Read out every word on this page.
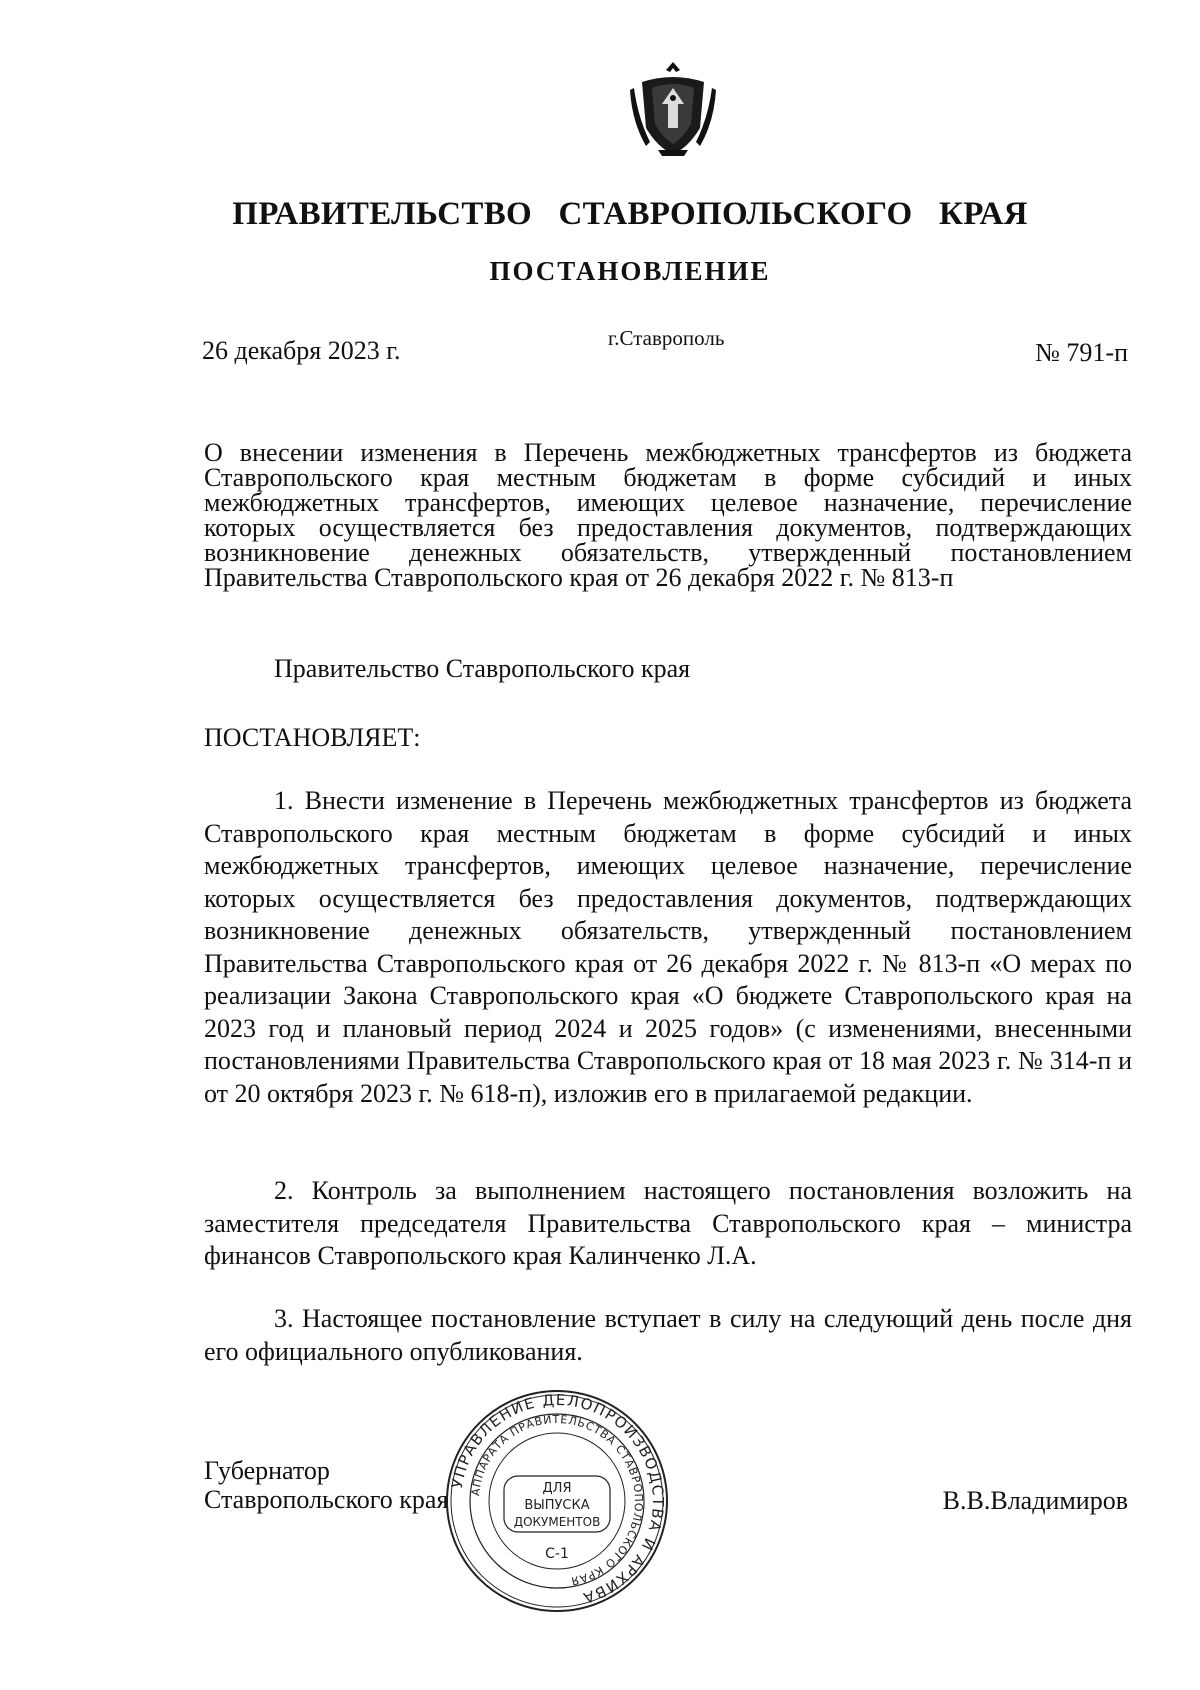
ПРАВИТЕЛЬСТВО СТАВРОПОЛЬСКОГО КРАЯ
ПОСТАНОВЛЕНИЕ
26 декабря 2023 г.	г.Ставрополь	№ 791-п

О внесении изменения в Перечень межбюджетных трансфертов из бюджета Ставропольского края местным бюджетам в форме субсидий и иных межбюджетных трансфертов, имеющих целевое назначение, перечисление которых осуществляется без предоставления документов, подтверждающих возникновение денежных обязательств, утвержденный постановлением Правительства Ставропольского края от 26 декабря 2022 г. № 813-п

Правительство Ставропольского края
ПОСТАНОВЛЯЕТ:

1. Внести изменение в Перечень межбюджетных трансфертов из бюджета Ставропольского края местным бюджетам в форме субсидий и иных межбюджетных трансфертов, имеющих целевое назначение, перечисление которых осуществляется без предоставления документов, подтверждающих возникновение денежных обязательств, утвержденный постановлением Правительства Ставропольского края от 26 декабря 2022 г. № 813-п «О мерах по реализации Закона Ставропольского края «О бюджете Ставропольского края на 2023 год и плановый период 2024 и 2025 годов» (с изменениями, внесенными постановлениями Правительства Ставропольского края от 18 мая 2023 г. № 314-п и от 20 октября 2023 г. № 618-п), изложив его в прилагаемой редакции.

2. Контроль за выполнением настоящего постановления возложить на заместителя председателя Правительства Ставропольского края – министра финансов Ставропольского края Калинченко Л.А.

3. Настоящее постановление вступает в силу на следующий день после дня его официального опубликования.

Губернатор
Ставропольского края	В.В.Владимиров
УПРАВЛЕНИЕ ДЕЛОПРОИЗВОДСТВА И АРХИВА
АППАРАТА ПРАВИТЕЛЬСТВА СТАВРОПОЛЬСКОГО КРАЯ
ДЛЯ
ВЫПУСКА
ДОКУМЕНТОВ
С-1
